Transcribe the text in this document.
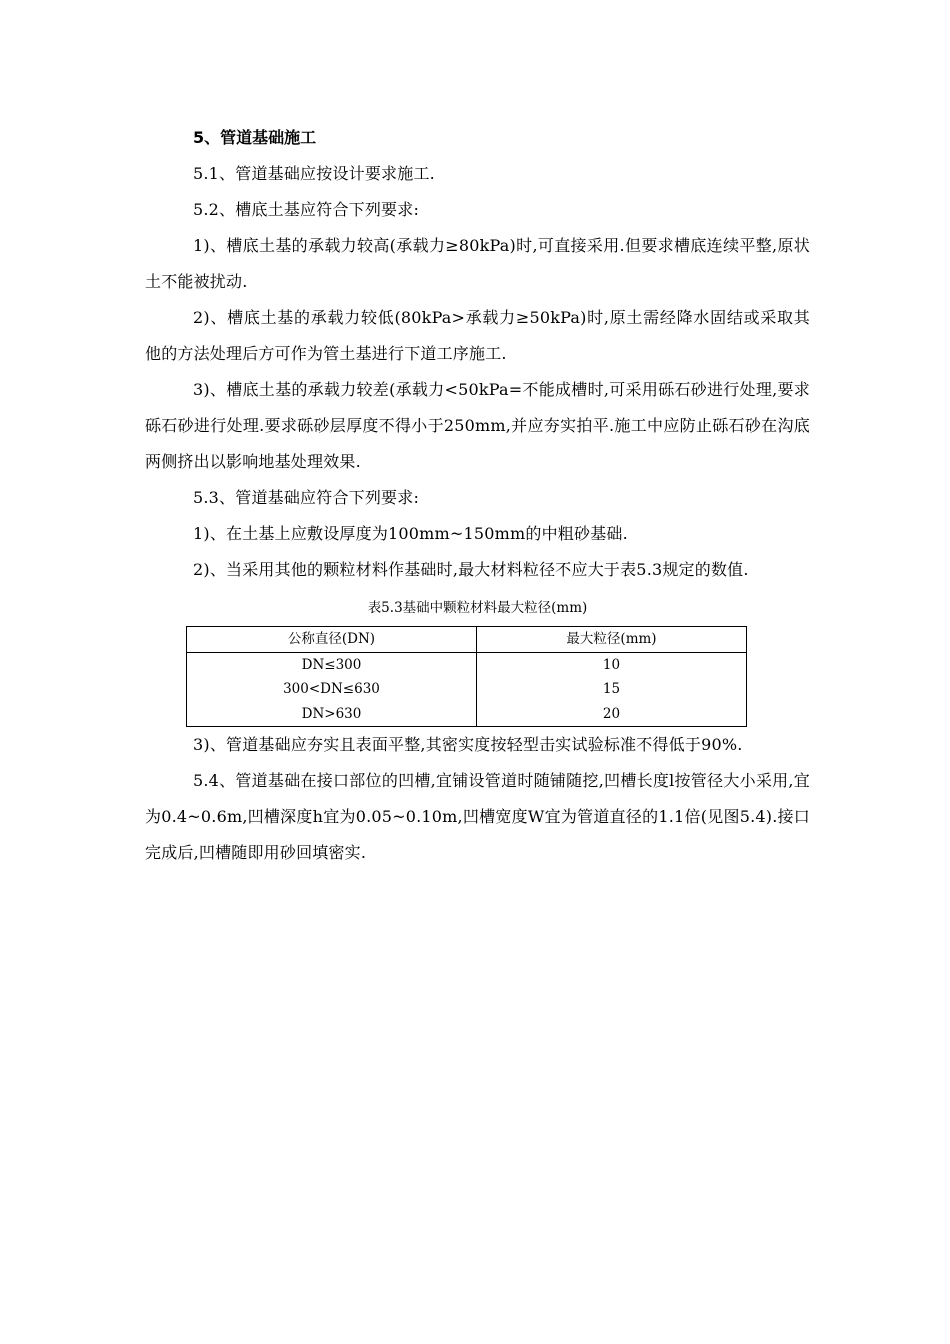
5、管道基础施工

5.1、管道基础应按设计要求施工.

5.2、槽底土基应符合下列要求:

1)、槽底土基的承载力较高(承载力≥80kPa)时,可直接采用.但要求槽底连续平整,原状土不能被扰动.

2)、槽底土基的承载力较低(80kPa>承载力≥50kPa)时,原土需经降水固结或采取其他的方法处理后方可作为管土基进行下道工序施工.

3)、槽底土基的承载力较差(承载力<50kPa=不能成槽时,可采用砾石砂进行处理,要求砾石砂进行处理.要求砾砂层厚度不得小于250mm,并应夯实拍平.施工中应防止砾石砂在沟底两侧挤出以影响地基处理效果.

5.3、管道基础应符合下列要求:

1)、在土基上应敷设厚度为100mm~150mm的中粗砂基础.

2)、当采用其他的颗粒材料作基础时,最大材料粒径不应大于表5.3规定的数值.

表5.3基础中颗粒材料最大粒径(mm)
公称直径(DN)	最大粒径(mm)
DN≤300	10
300<DN≤630	15
DN>630	20

3)、管道基础应夯实且表面平整,其密实度按轻型击实试验标准不得低于90%.

5.4、管道基础在接口部位的凹槽,宜铺设管道时随铺随挖,凹槽长度l按管径大小采用,宜为0.4~0.6m,凹槽深度h宜为0.05~0.10m,凹槽宽度W宜为管道直径的1.1倍(见图5.4).接口完成后,凹槽随即用砂回填密实.
